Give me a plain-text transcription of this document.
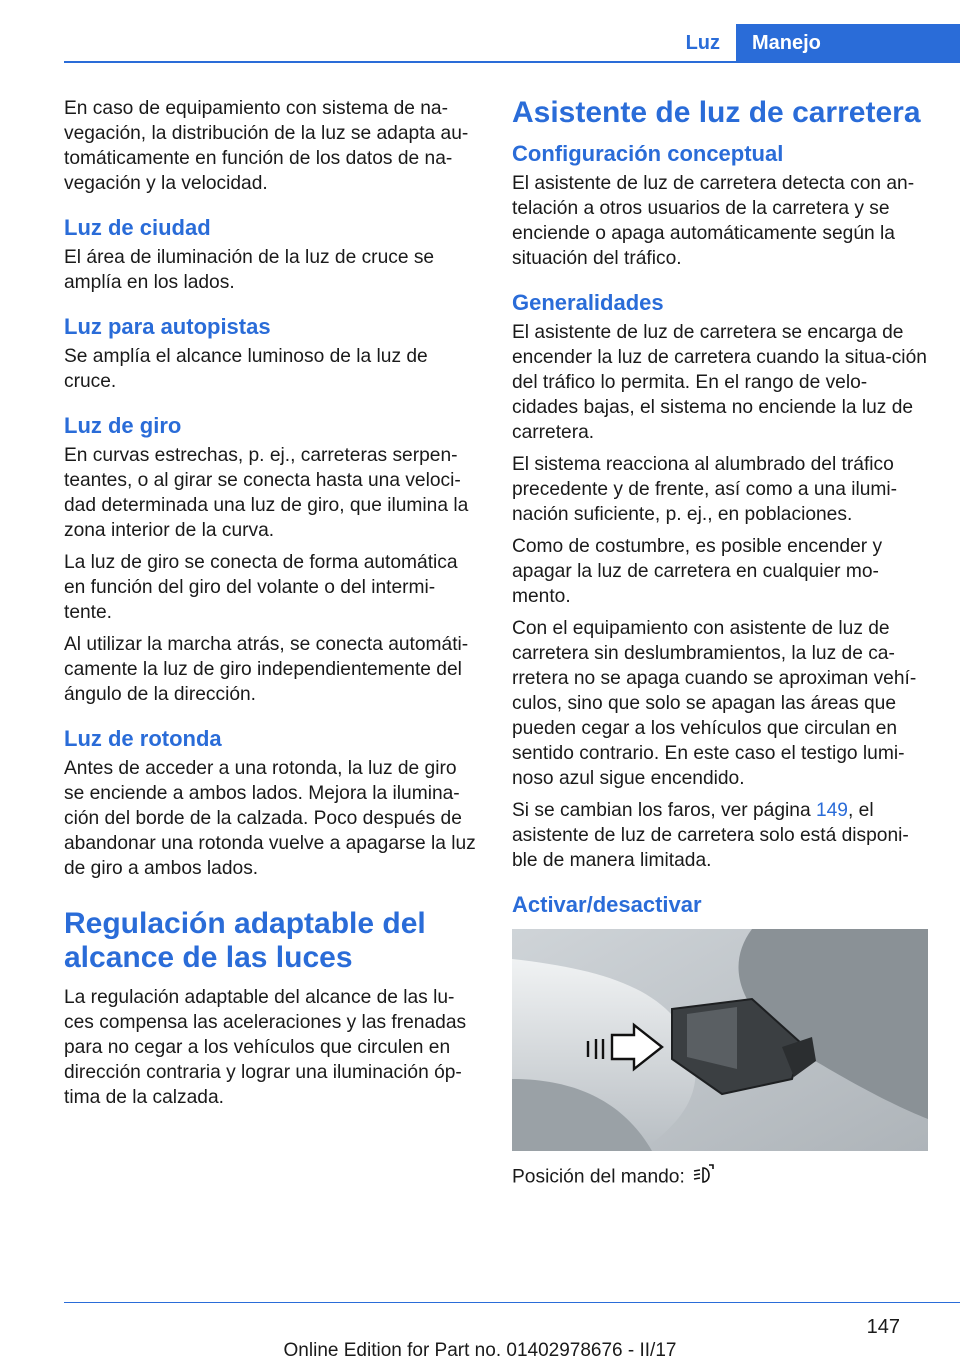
Luz	Manejo

En caso de equipamiento con sistema de na-vegación, la distribución de la luz se adapta au-tomáticamente en función de los datos de na-vegación y la velocidad.

Luz de ciudad

El área de iluminación de la luz de cruce se amplía en los lados.

Luz para autopistas

Se amplía el alcance luminoso de la luz de cruce.

Luz de giro

En curvas estrechas, p. ej., carreteras serpen-teantes, o al girar se conecta hasta una veloci-dad determinada una luz de giro, que ilumina la zona interior de la curva.

La luz de giro se conecta de forma automática en función del giro del volante o del intermi-tente.

Al utilizar la marcha atrás, se conecta automáti-camente la luz de giro independientemente del ángulo de la dirección.

Luz de rotonda

Antes de acceder a una rotonda, la luz de giro se enciende a ambos lados. Mejora la ilumina-ción del borde de la calzada. Poco después de abandonar una rotonda vuelve a apagarse la luz de giro a ambos lados.

Regulación adaptable del alcance de las luces

La regulación adaptable del alcance de las lu-ces compensa las aceleraciones y las frenadas para no cegar a los vehículos que circulen en dirección contraria y lograr una iluminación óp-tima de la calzada.

Asistente de luz de carretera
Configuración conceptual

El asistente de luz de carretera detecta con an-telación a otros usuarios de la carretera y se enciende o apaga automáticamente según la situación del tráfico.

Generalidades

El asistente de luz de carretera se encarga de encender la luz de carretera cuando la situa-ción del tráfico lo permita. En el rango de velo-cidades bajas, el sistema no enciende la luz de carretera.

El sistema reacciona al alumbrado del tráfico precedente y de frente, así como a una ilumi-nación suficiente, p. ej., en poblaciones.

Como de costumbre, es posible encender y apagar la luz de carretera en cualquier mo-mento.

Con el equipamiento con asistente de luz de carretera sin deslumbramientos, la luz de ca-rretera no se apaga cuando se aproximan vehí-culos, sino que solo se apagan las áreas que pueden cegar a los vehículos que circulan en sentido contrario. En este caso el testigo lumi-noso azul sigue encendido.

Si se cambian los faros, ver página 149, el asistente de luz de carretera solo está disponi-ble de manera limitada.

Activar/desactivar

Posición del mando:

147
Online Edition for Part no. 01402978676 - II/17
